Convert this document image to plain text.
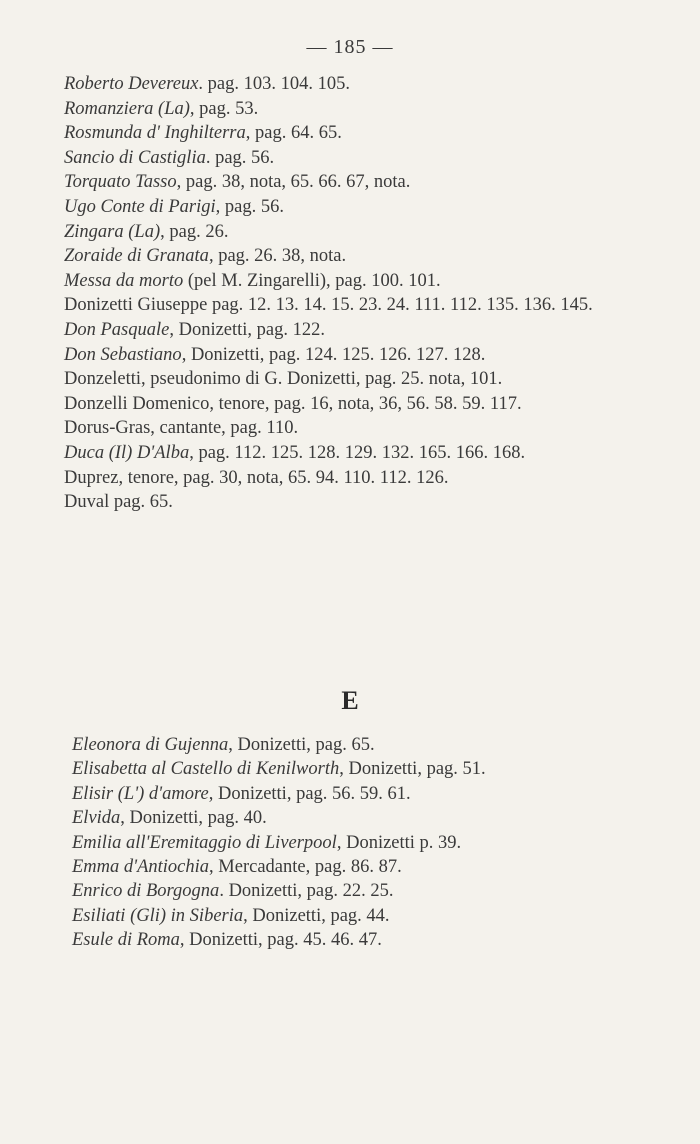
— 185 —

Roberto Devereux. pag. 103. 104. 105.

Romanziera (La), pag. 53.

Rosmunda d' Inghilterra, pag. 64. 65.

Sancio di Castiglia. pag. 56.

Torquato Tasso, pag. 38, nota, 65. 66. 67, nota.

Ugo Conte di Parigi, pag. 56.

Zingara (La), pag. 26.

Zoraide di Granata, pag. 26. 38, nota.

Messa da morto (pel M. Zingarelli), pag. 100. 101.

Donizetti Giuseppe pag. 12. 13. 14. 15. 23. 24. 111. 112. 135. 136. 145.

Don Pasquale, Donizetti, pag. 122.

Don Sebastiano, Donizetti, pag. 124. 125. 126. 127. 128.

Donzeletti, pseudonimo di G. Donizetti, pag. 25. nota, 101.

Donzelli Domenico, tenore, pag. 16, nota, 36, 56. 58. 59. 117.

Dorus-Gras, cantante, pag. 110.

Duca (Il) D'Alba, pag. 112. 125. 128. 129. 132. 165. 166. 168.

Duprez, tenore, pag. 30, nota, 65. 94. 110. 112. 126.

Duval pag. 65.

E

Eleonora di Gujenna, Donizetti, pag. 65.

Elisabetta al Castello di Kenilworth, Donizetti, pag. 51.

Elisir (L') d'amore, Donizetti, pag. 56. 59. 61.

Elvida, Donizetti, pag. 40.

Emilia all'Eremitaggio di Liverpool, Donizetti p. 39.

Emma d'Antiochia, Mercadante, pag. 86. 87.

Enrico di Borgogna. Donizetti, pag. 22. 25.

Esiliati (Gli) in Siberia, Donizetti, pag. 44.

Esule di Roma, Donizetti, pag. 45. 46. 47.
